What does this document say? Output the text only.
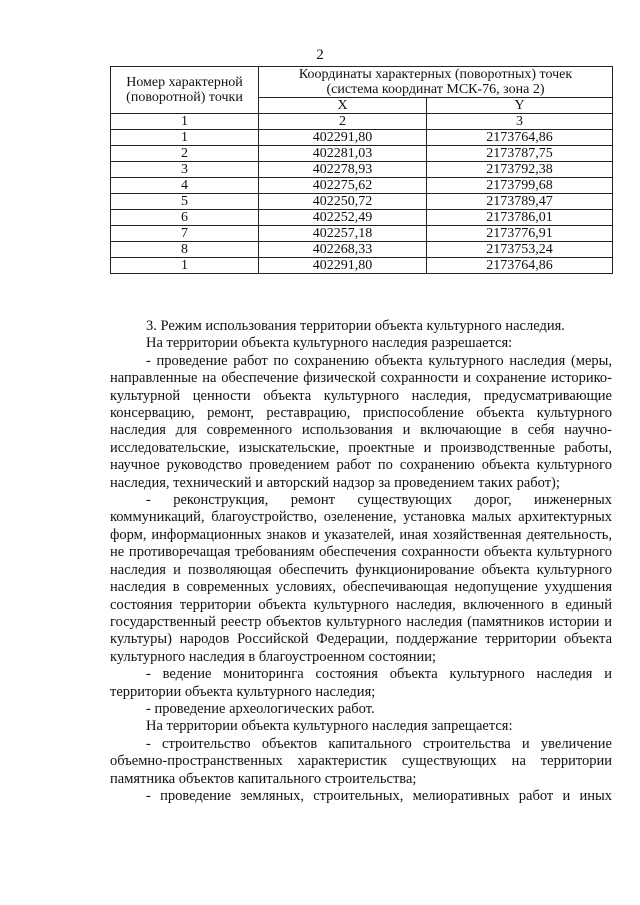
2
Номер характерной (поворотной) точки	Координаты характерных (поворотных) точек
(система координат МСК-76, зона 2)	
	X	Y
1	2	3
1	402291,80	2173764,86
2	402281,03	2173787,75
3	402278,93	2173792,38
4	402275,62	2173799,68
5	402250,72	2173789,47
6	402252,49	2173786,01
7	402257,18	2173776,91
8	402268,33	2173753,24
1	402291,80	2173764,86

3. Режим использования территории объекта культурного наследия.

На территории объекта культурного наследия разрешается:

- проведение работ по сохранению объекта культурного наследия (меры, направленные на обеспечение физической сохранности и сохранение историко-культурной ценности объекта культурного наследия, предусматривающие консервацию, ремонт, реставрацию, приспособление объекта культурного наследия для современного использования и включающие в себя научно-исследовательские, изыскательские, проектные и производственные работы, научное руководство проведением работ по сохранению объекта культурного наследия, технический и авторский надзор за проведением таких работ);

- реконструкция, ремонт существующих дорог, инженерных коммуникаций, благоустройство, озеленение, установка малых архитектурных форм, информационных знаков и указателей, иная хозяйственная деятельность, не противоречащая требованиям обеспечения сохранности объекта культурного наследия и позволяющая обеспечить функционирование объекта культурного наследия в современных условиях, обеспечивающая недопущение ухудшения состояния территории объекта культурного наследия, включенного в единый государственный реестр объектов культурного наследия (памятников истории и культуры) народов Российской Федерации, поддержание территории объекта культурного наследия в благоустроенном состоянии;

- ведение мониторинга состояния объекта культурного наследия и территории объекта культурного наследия;

- проведение археологических работ.

На территории объекта культурного наследия запрещается:

- строительство объектов капитального строительства и увеличение объемно-пространственных характеристик существующих на территории памятника объектов капитального строительства;

- проведение земляных, строительных, мелиоративных работ и иных
